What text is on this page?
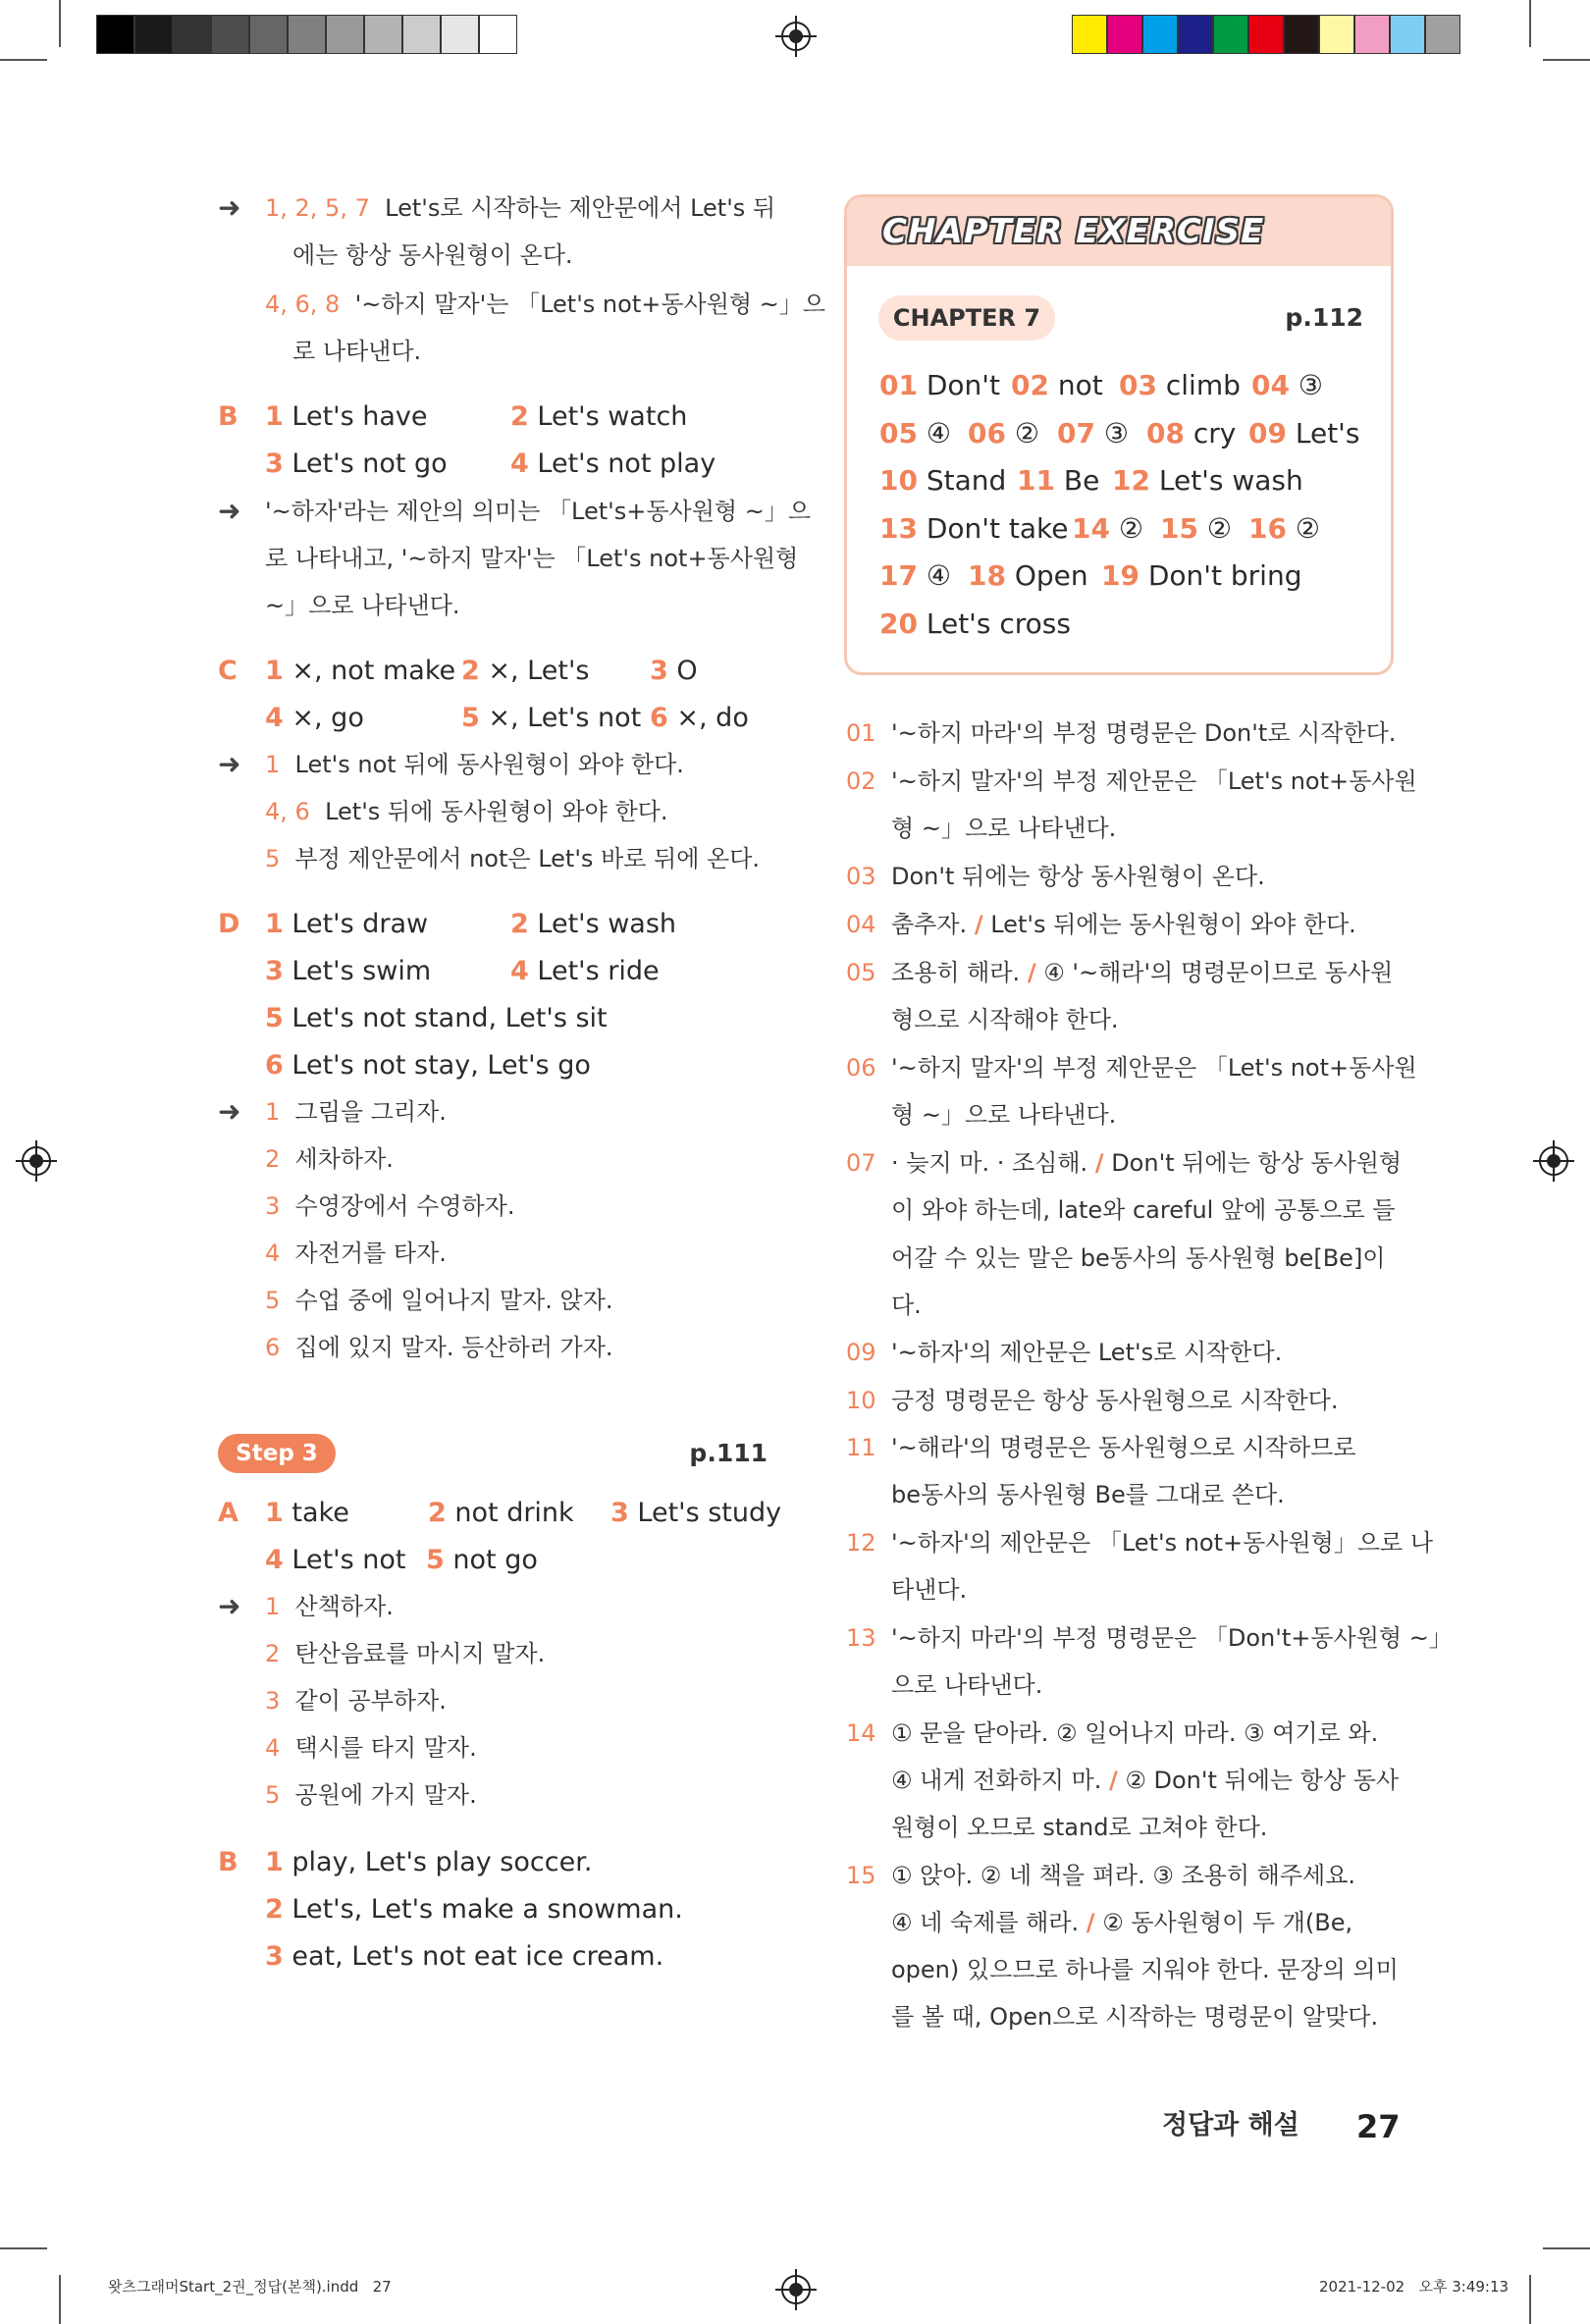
➜ 1, 2, 5, 7 Let's로 시작하는 제안문에서 Let's 뒤
에는 항상 동사원형이 온다.
4, 6, 8 '~하지 말자'는 「Let's not+동사원형 ~」으
로 나타낸다.
B 1 Let's have	2 Let's watch
3 Let's not go 4 Let's not play
➜ '~하자'라는 제안의 의미는 「Let's+동사원형 ~」으
로 나타내고, '~하지 말자'는 「Let's not+동사원형
~」으로 나타낸다.
C 1 ×, not make 2 ×, Let's 3 O
4 ×, go	5 ×, Let's not 6 ×, do
➜ 1 Let's not 뒤에 동사원형이 와야 한다.
4, 6 Let's 뒤에 동사원형이 와야 한다.
5 부정 제안문에서 not은 Let's 바로 뒤에 온다.
D 1 Let's draw	2 Let's wash
3 Let's swim	4 Let's ride
5 Let's not stand, Let's sit
6 Let's not stay, Let's go
➜ 1 그림을 그리자.
2 세차하자.
3 수영장에서 수영하자.
4 자전거를 타자.
5 수업 중에 일어나지 말자. 앉자.
6 집에 있지 말자. 등산하러 가자.
Step 3	p.111
A 1 take	2 not drink 3 Let's study
4 Let's not 5 not go
➜ 1 산책하자.
2 탄산음료를 마시지 말자.
3 같이 공부하자.
4 택시를 타지 말자.
5 공원에 가지 말자.
B 1 play, Let's play soccer.
2 Let's, Let's make a snowman.
3 eat, Let's not eat ice cream.
CHAPTER EXERCISE
CHAPTER 7	p.112
01 Don't 02 not 03 climb 04 ③
05 ④ 06 ② 07 ③ 08 cry 09 Let's
10 Stand 11 Be 12 Let's wash
13 Don't take 14 ② 15 ② 16 ②
17 ④ 18 Open 19 Don't bring
20 Let's cross
01 '~하지 마라'의 부정 명령문은 Don't로 시작한다.
02 '~하지 말자'의 부정 제안문은 「Let's not+동사원
형 ~」으로 나타낸다.
03 Don't 뒤에는 항상 동사원형이 온다.
04 춤추자. / Let's 뒤에는 동사원형이 와야 한다.
05 조용히 해라. / ④ '~해라'의 명령문이므로 동사원
형으로 시작해야 한다.
06 '~하지 말자'의 부정 제안문은 「Let's not+동사원
형 ~」으로 나타낸다.
07 · 늦지 마. · 조심해. / Don't 뒤에는 항상 동사원형
이 와야 하는데, late와 careful 앞에 공통으로 들
어갈 수 있는 말은 be동사의 동사원형 be[Be]이
다.
09 '~하자'의 제안문은 Let's로 시작한다.
10 긍정 명령문은 항상 동사원형으로 시작한다.
11 '~해라'의 명령문은 동사원형으로 시작하므로
be동사의 동사원형 Be를 그대로 쓴다.
12 '~하자'의 제안문은 「Let's not+동사원형」으로 나
타낸다.
13 '~하지 마라'의 부정 명령문은 「Don't+동사원형 ~」
으로 나타낸다.
14 ① 문을 닫아라. ② 일어나지 마라. ③ 여기로 와.
④ 내게 전화하지 마. / ② Don't 뒤에는 항상 동사
원형이 오므로 stand로 고쳐야 한다.
15 ① 앉아. ② 네 책을 펴라. ③ 조용히 해주세요.
④ 네 숙제를 해라. / ② 동사원형이 두 개(Be,
open) 있으므로 하나를 지워야 한다. 문장의 의미
를 볼 때, Open으로 시작하는 명령문이 알맞다.
정답과 해설 27
왓츠그래머Start_2권_정답(본책).indd   27	2021-12-02   오후 3:49:13
